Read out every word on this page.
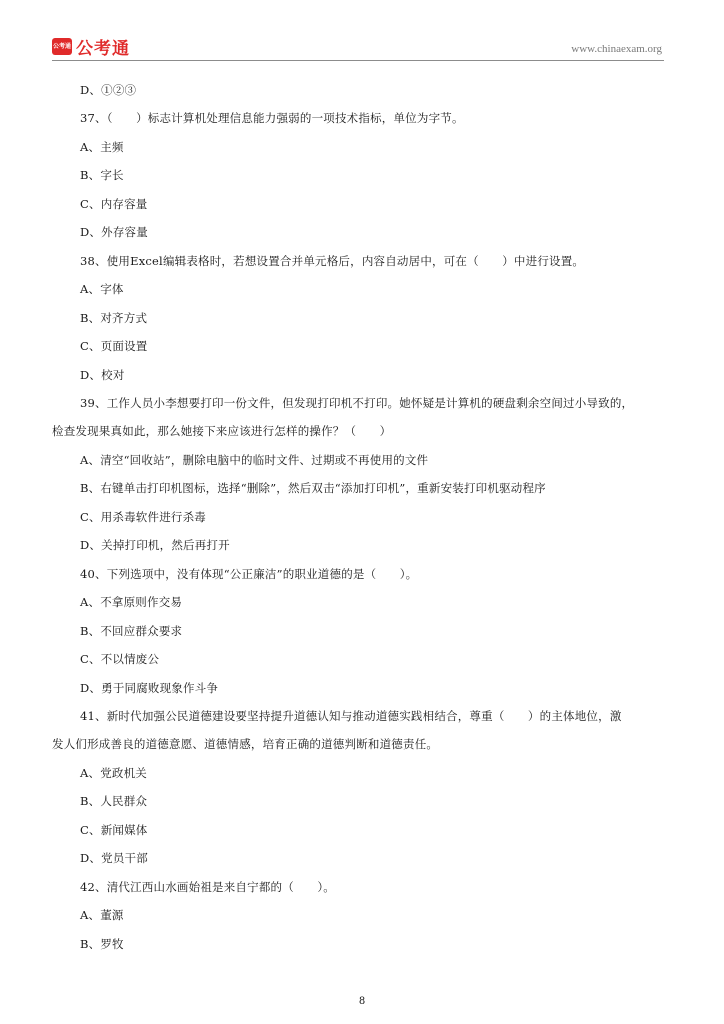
公考通 公考通	www.chinaexam.org
D、①②③
37、（　　）标志计算机处理信息能力强弱的一项技术指标，单位为字节。
A、主频
B、字长
C、内存容量
D、外存容量
38、使用Excel编辑表格时，若想设置合并单元格后，内容自动居中，可在（　　）中进行设置。
A、字体
B、对齐方式
C、页面设置
D、校对
39、工作人员小李想要打印一份文件，但发现打印机不打印。她怀疑是计算机的硬盘剩余空间过小导致的，
检查发现果真如此，那么她接下来应该进行怎样的操作？（　　）
A、清空“回收站”，删除电脑中的临时文件、过期或不再使用的文件
B、右键单击打印机图标，选择“删除”，然后双击“添加打印机”，重新安装打印机驱动程序
C、用杀毒软件进行杀毒
D、关掉打印机，然后再打开
40、下列选项中，没有体现“公正廉洁”的职业道德的是（　　）。
A、不拿原则作交易
B、不回应群众要求
C、不以情废公
D、勇于同腐败现象作斗争
41、新时代加强公民道德建设要坚持提升道德认知与推动道德实践相结合，尊重（　　）的主体地位，激
发人们形成善良的道德意愿、道德情感，培育正确的道德判断和道德责任。
A、党政机关
B、人民群众
C、新闻媒体
D、党员干部
42、清代江西山水画始祖是来自宁都的（　　）。
A、董源
B、罗牧
8
